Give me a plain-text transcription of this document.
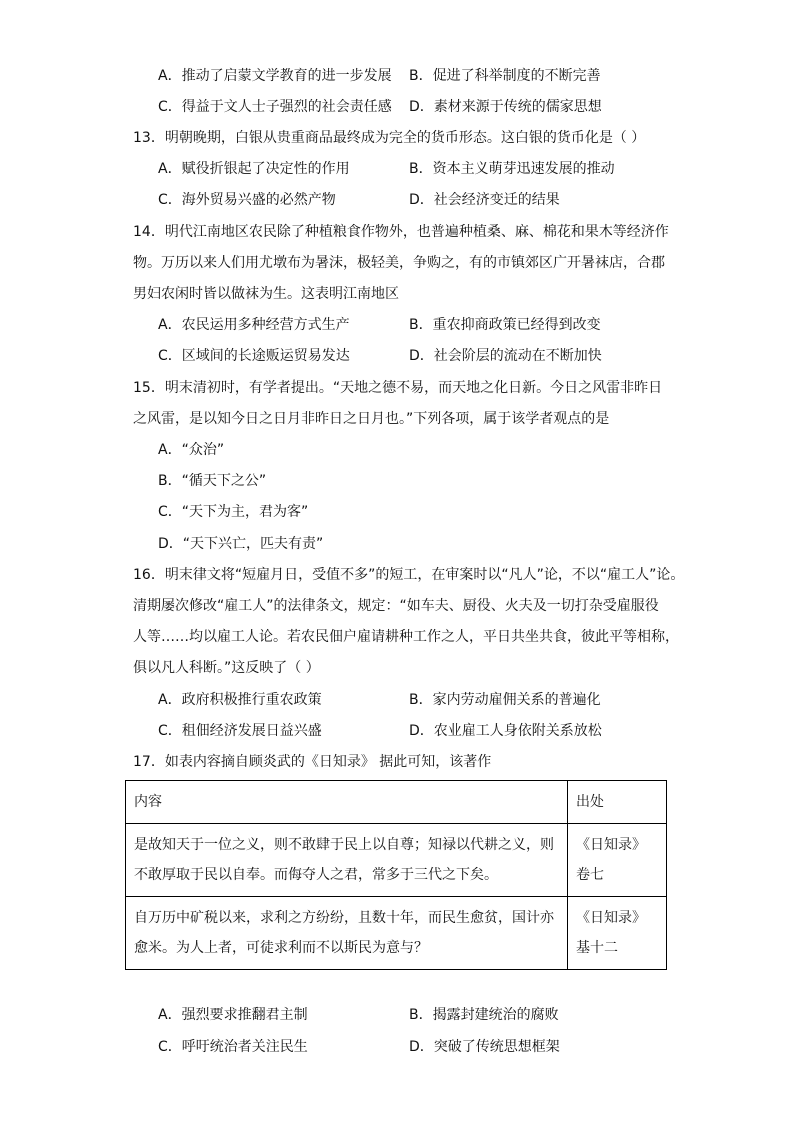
A．推动了启蒙文学教育的进一步发展 B．促进了科举制度的不断完善
C．得益于文人士子强烈的社会责任感 D．素材来源于传统的儒家思想
13．明朝晚期，白银从贵重商品最终成为完全的货币形态。这白银的货币化是（ ）
A．赋役折银起了决定性的作用	B．资本主义萌芽迅速发展的推动
C．海外贸易兴盛的必然产物	D．社会经济变迁的结果
14．明代江南地区农民除了种植粮食作物外，也普遍种植桑、麻、棉花和果木等经济作
物。万历以来人们用尤墩布为暑沫，极轻美，争购之，有的市镇郊区广开暑袜店，合郡
男妇农闲时皆以做袜为生。这表明江南地区
A．农民运用多种经营方式生产	B．重农抑商政策已经得到改变
C．区域间的长途贩运贸易发达	D．社会阶层的流动在不断加快
15．明末清初时，有学者提出。“天地之德不易，而天地之化日新。今日之风雷非昨日
之风雷，是以知今日之日月非昨日之日月也。”下列各项，属于该学者观点的是
A．“众治”
B．“循天下之公”
C．“天下为主，君为客”
D．“天下兴亡，匹夫有责”
16．明末律文将“短雇月日，受值不多”的短工，在审案时以“凡人”论，不以“雇工人”论。
清期屡次修改“雇工人”的法律条文，规定：“如车夫、厨役、火夫及一切打杂受雇服役
人等……均以雇工人论。若农民佃户雇请耕种工作之人，平日共坐共食，彼此平等相称，
俱以凡人科断。”这反映了（ ）
A．政府积极推行重农政策	B．家内劳动雇佣关系的普遍化
C．租佃经济发展日益兴盛	D．农业雇工人身依附关系放松
17．如表内容摘自顾炎武的《日知录》 据此可知，该著作
内容	出处
是故知天于一位之义，则不敢肆于民上以自尊；知禄以代耕之义，则不敢厚取于民以自奉。而侮夺人之君，常多于三代之下矣。	《日知录》卷七
自万历中矿税以来，求利之方纷纷，且数十年，而民生愈贫，国计亦愈米。为人上者，可徒求利而不以斯民为意与？	《日知录》基十二
A．强烈要求推翻君主制	B．揭露封建统治的腐败
C．呼吁统治者关注民生	D．突破了传统思想框架
